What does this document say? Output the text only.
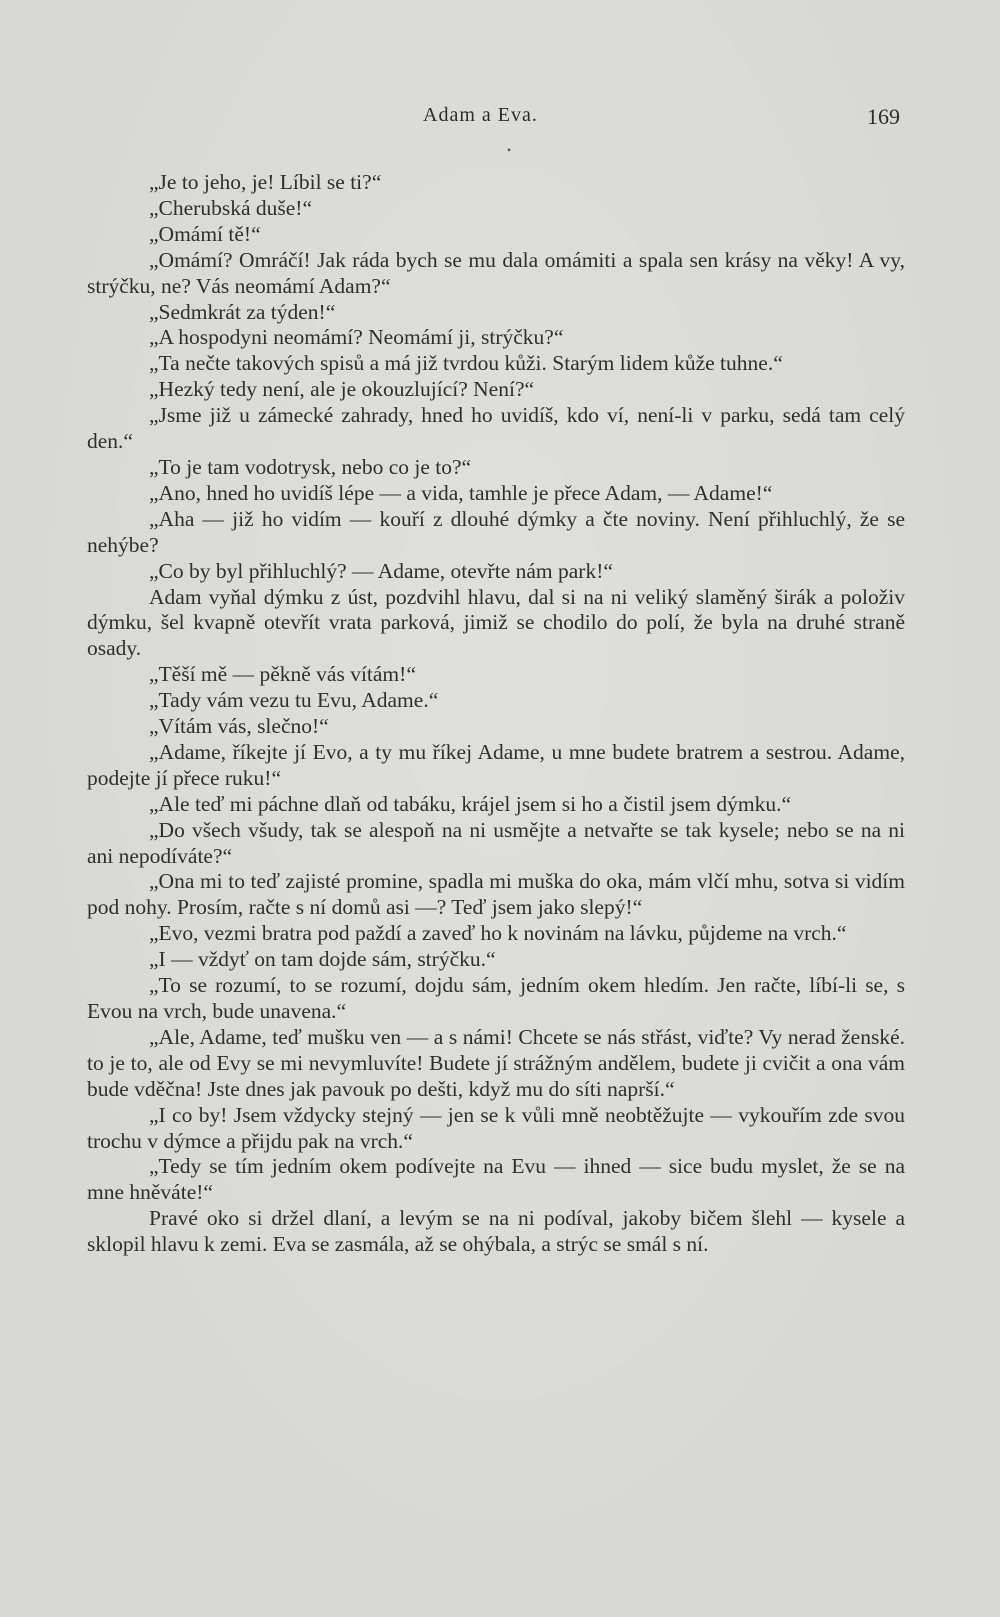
Adam a Eva.	169
•

„Je to jeho, je! Líbil se ti?“

„Cherubská duše!“

„Omámí tě!“

„Omámí? Omráčí! Jak ráda bych se mu dala omámiti a spala sen krásy na věky! A vy, strýčku, ne? Vás neomámí Adam?“

„Sedmkrát za týden!“

„A hospodyni neomámí? Neomámí ji, strýčku?“

„Ta nečte takových spisů a má již tvrdou kůži. Starým lidem kůže tuhne.“

„Hezký tedy není, ale je okouzlující? Není?“

„Jsme již u zámecké zahrady, hned ho uvidíš, kdo ví, není-li v parku, sedá tam celý den.“

„To je tam vodotrysk, nebo co je to?“

„Ano, hned ho uvidíš lépe — a vida, tamhle je přece Adam, — Adame!“

„Aha — již ho vidím — kouří z dlouhé dýmky a čte noviny. Není přihluchlý, že se nehýbe?

„Co by byl přihluchlý? — Adame, otevřte nám park!“

Adam vyňal dýmku z úst, pozdvihl hlavu, dal si na ni veliký slaměný širák a položiv dýmku, šel kvapně otevřít vrata parková, jimiž se chodilo do polí, že byla na druhé straně osady.

„Těší mě — pěkně vás vítám!“

„Tady vám vezu tu Evu, Adame.“

„Vítám vás, slečno!“

„Adame, říkejte jí Evo, a ty mu říkej Adame, u mne budete bratrem a sestrou. Adame, podejte jí přece ruku!“

„Ale teď mi páchne dlaň od tabáku, krájel jsem si ho a čistil jsem dýmku.“

„Do všech všudy, tak se alespoň na ni usmějte a netvařte se tak kysele; nebo se na ni ani nepodíváte?“

„Ona mi to teď zajisté promine, spadla mi muška do oka, mám vlčí mhu, sotva si vidím pod nohy. Prosím, račte s ní domů asi —? Teď jsem jako slepý!“

„Evo, vezmi bratra pod paždí a zaveď ho k novinám na lávku, půjdeme na vrch.“

„I — vždyť on tam dojde sám, strýčku.“

„To se rozumí, to se rozumí, dojdu sám, jedním okem hledím. Jen račte, líbí-li se, s Evou na vrch, bude unavena.“

„Ale, Adame, teď mušku ven — a s námi! Chcete se nás střást, viďte? Vy nerad ženské. to je to, ale od Evy se mi nevymluvíte! Budete jí strážným andělem, budete ji cvičit a ona vám bude vděčna! Jste dnes jak pavouk po dešti, když mu do síti naprší.“

„I co by! Jsem vždycky stejný — jen se k vůli mně neobtěžujte — vykouřím zde svou trochu v dýmce a přijdu pak na vrch.“

„Tedy se tím jedním okem podívejte na Evu — ihned — sice budu myslet, že se na mne hněváte!“

Pravé oko si držel dlaní, a levým se na ni podíval, jakoby bičem šlehl — kysele a sklopil hlavu k zemi. Eva se zasmála, až se ohýbala, a strýc se smál s ní.
